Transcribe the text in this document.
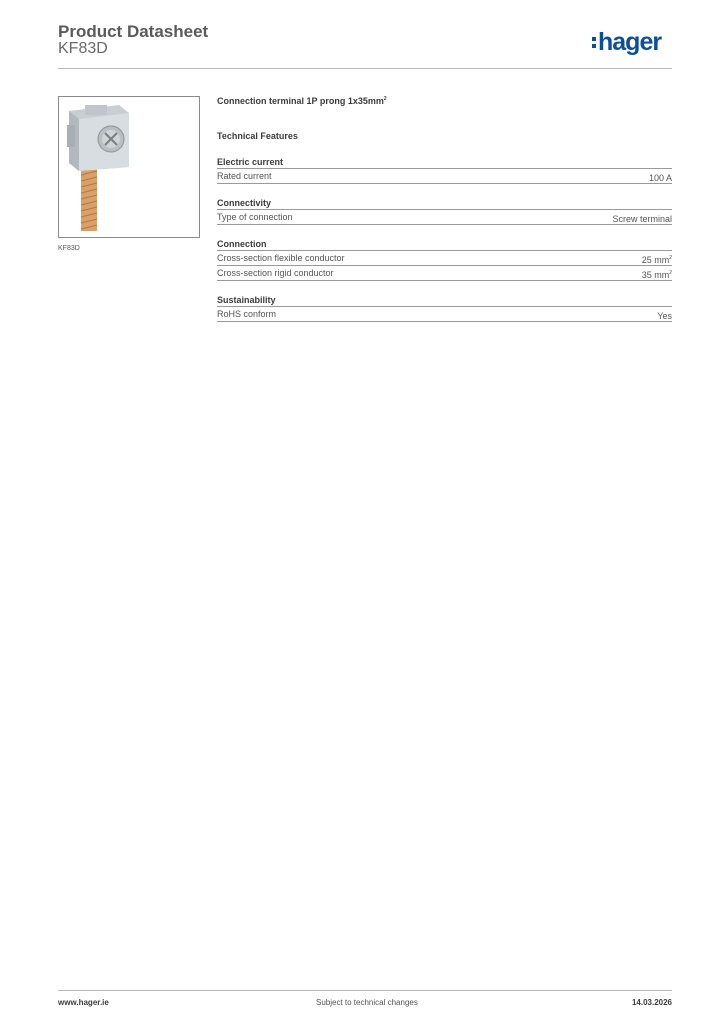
Product Datasheet
KF83D	hager
KF83D
Connection terminal 1P prong $1x35mm^2$
Technical Features
Electric current
Rated current	100 A
Connectivity
Type of connection	Screw terminal
Connection
Cross-section flexible conductor	25 $mm^2$
Cross-section rigid conductor	35 $mm^2$
Sustainability
RoHS conform	Yes
www.hager.ie	Subject to technical changes	14.03.2026
